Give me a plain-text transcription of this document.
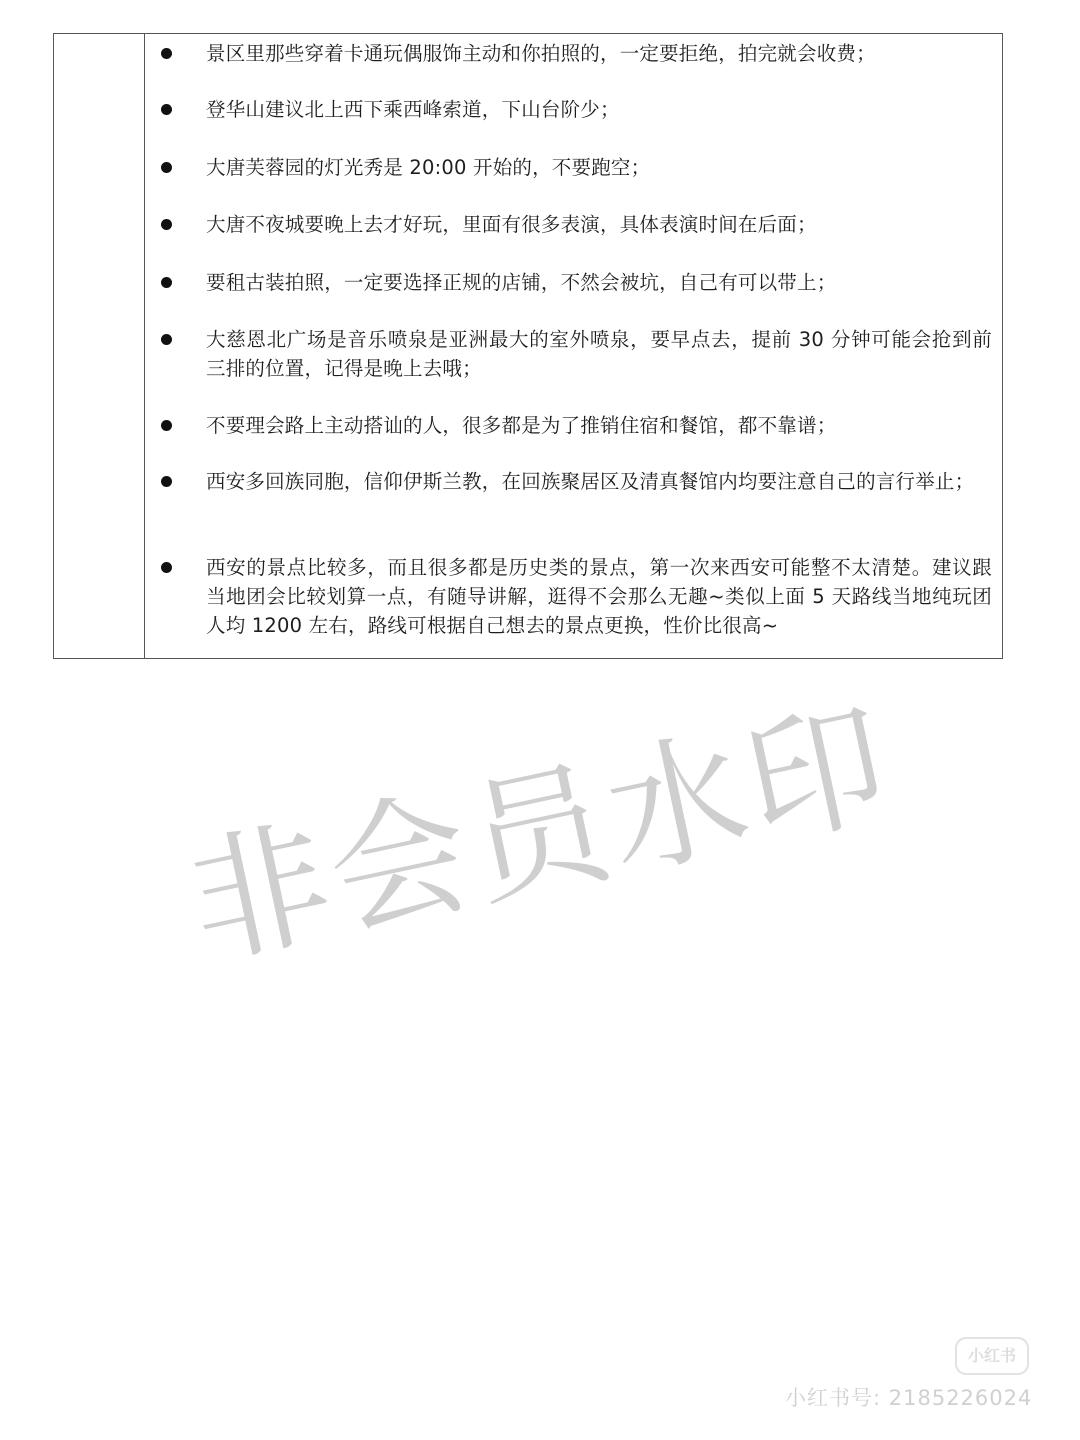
景区里那些穿着卡通玩偶服饰主动和你拍照的，一定要拒绝，拍完就会收费；
登华山建议北上西下乘西峰索道，下山台阶少；
大唐芙蓉园的灯光秀是 20:00 开始的，不要跑空；
大唐不夜城要晚上去才好玩，里面有很多表演，具体表演时间在后面；
要租古装拍照，一定要选择正规的店铺，不然会被坑，自己有可以带上；
大慈恩北广场是音乐喷泉是亚洲最大的室外喷泉，要早点去，提前 30 分钟可能会抢到前三排的位置，记得是晚上去哦；
不要理会路上主动搭讪的人，很多都是为了推销住宿和餐馆，都不靠谱；
西安多回族同胞，信仰伊斯兰教，在回族聚居区及清真餐馆内均要注意自己的言行举止；
西安的景点比较多，而且很多都是历史类的景点，第一次来西安可能整不太清楚。建议跟当地团会比较划算一点，有随导讲解，逛得不会那么无趣~类似上面 5 天路线当地纯玩团人均 1200 左右，路线可根据自己想去的景点更换，性价比很高~
非会员水印
小红书
小红书号: 2185226024
